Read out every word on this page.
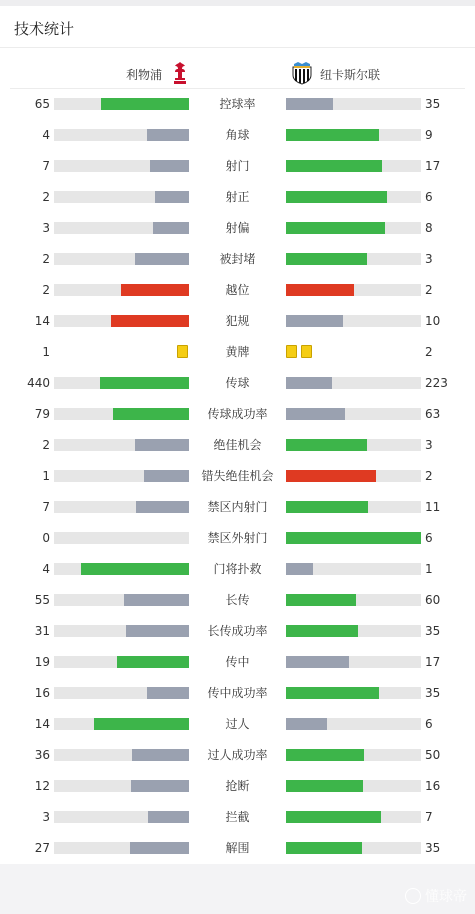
技术统计
利物浦	纽卡斯尔联
65	控球率	35
4	角球	9
7	射门	17
2	射正	6
3	射偏	8
2	被封堵	3
2	越位	2
14	犯规	10
1	黄牌	2
440	传球	223
79	传球成功率	63
2	绝佳机会	3
1	错失绝佳机会	2
7	禁区内射门	11
0	禁区外射门	6
4	门将扑救	1
55	长传	60
31	长传成功率	35
19	传中	17
16	传中成功率	35
14	过人	6
36	过人成功率	50
12	抢断	16
3	拦截	7
27	解围	35
懂球帝
